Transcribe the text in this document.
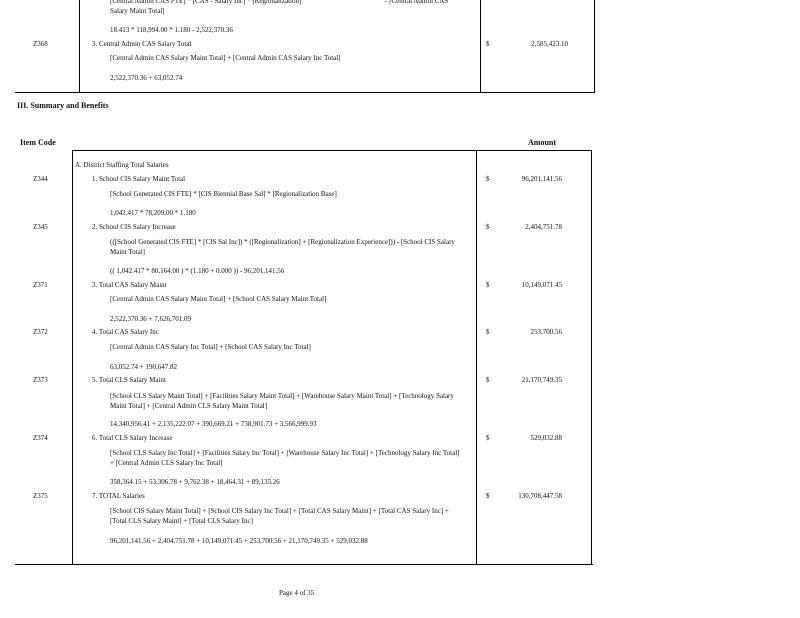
[Central Admin CAS FTE] * [CAS - Salary Inc] * [Regionalization]	- [Central Admin CAS
Salary Maint Total]
18.413 * 118,994.00 * 1.180 - 2,522,370.36
Z368	3. Central Admin CAS Salary Total
[Central Admin CAS Salary Maint Total] + [Central Admin CAS Salary Inc Total]
2,522,370.36 + 63,052.74
$	2,585,423.10
III. Summary and Benefits
Item Code	Amount
A. District Staffing Total Salaries
Z344	1. School CIS Salary Maint Total
[School Generated CIS FTE] * [CIS Biennial Base Sal] * [Regionalization Base]
1,042.417 * 78,209.00 * 1.180
$	96,201,141.56
Z345	2. School CIS Salary Increase
(([School Generated CIS FTE] * [CIS Sal Inc]) * ([Regionalization] + [Regionalization Experience])) - [School CIS Salary Maint Total]
(( 1,042.417 * 80,164.00 ) * (1.180 + 0.000 )) - 96,201,141.56
$	2,404,751.78
Z371	3. Total CAS Salary Maint
[Central Admin CAS Salary Maint Total] + [School CAS Salary Maint Total]
2,522,370.36 + 7,626,701.09
$	10,149,071.45
Z372	4. Total CAS Salary Inc
[Central Admin CAS Salary Inc Total] + [School CAS Salary Inc Total]
63,052.74 + 190,647.82
$	253,700.56
Z373	5. Total CLS Salary Maint
[School CLS Salary Maint Total] + [Facilities Salary Maint Total] + [Warehouse Salary Maint Total] + [Technology Salary Maint Total] + [Central Admin CLS Salary Maint Total]
14,340,956.41 + 2,135,222.07 + 390,669.21 + 738,901.73 + 3,566,999.93
$	21,170,749.35
Z374	6. Total CLS Salary Increase
[School CLS Salary Inc Total] + [Facilities Salary Inc Total] + [Warehouse Salary Inc Total] + [Technology Salary Inc Total] + [Central Admin CLS Salary Inc Total]
358,364.15 + 53,306.78 + 9,762.38 + 18,464.31 + 89,135.26
$	529,032.88
Z375	7. TOTAL Salaries
[School CIS Salary Maint Total] + [School CIS Salary Inc Total] + [Total CAS Salary Maint] + [Total CAS Salary Inc] + [Total CLS Salary Maint] + [Total CLS Salary Inc]
96,201,141.56 + 2,404,751.78 + 10,149,071.45 + 253,700.56 + 21,170,749.35 + 529,032.88
$	130,708,447.58
Page 4 of 35
